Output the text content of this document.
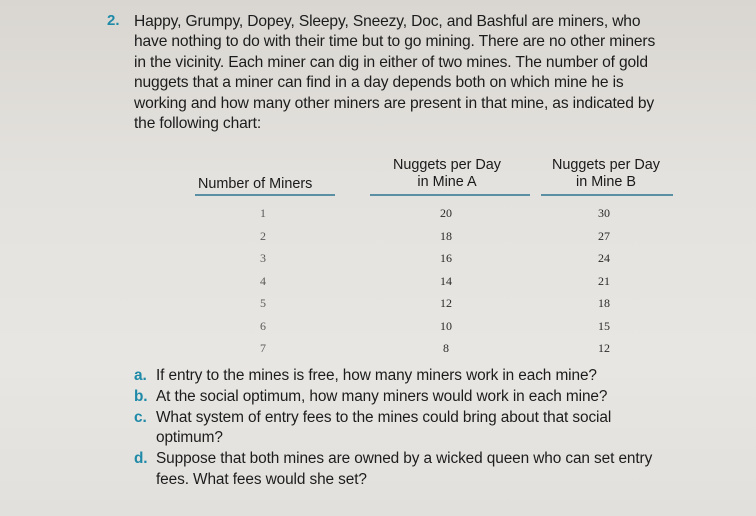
2. Happy, Grumpy, Dopey, Sleepy, Sneezy, Doc, and Bashful are miners, who
have nothing to do with their time but to go mining. There are no other miners
in the vicinity. Each miner can dig in either of two mines. The number of gold
nuggets that a miner can find in a day depends both on which mine he is
working and how many other miners are present in that mine, as indicated by
the following chart:
Number of Miners
Nuggets per Day
in Mine A
Nuggets per Day
in Mine B
1
2
3
4
5
6
7
20
18
16
14
12
10
8
30
27
24
21
18
15
12
a. If entry to the mines is free, how many miners work in each mine?
b. At the social optimum, how many miners would work in each mine?
c. What system of entry fees to the mines could bring about that social
optimum?
d. Suppose that both mines are owned by a wicked queen who can set entry
fees. What fees would she set?
